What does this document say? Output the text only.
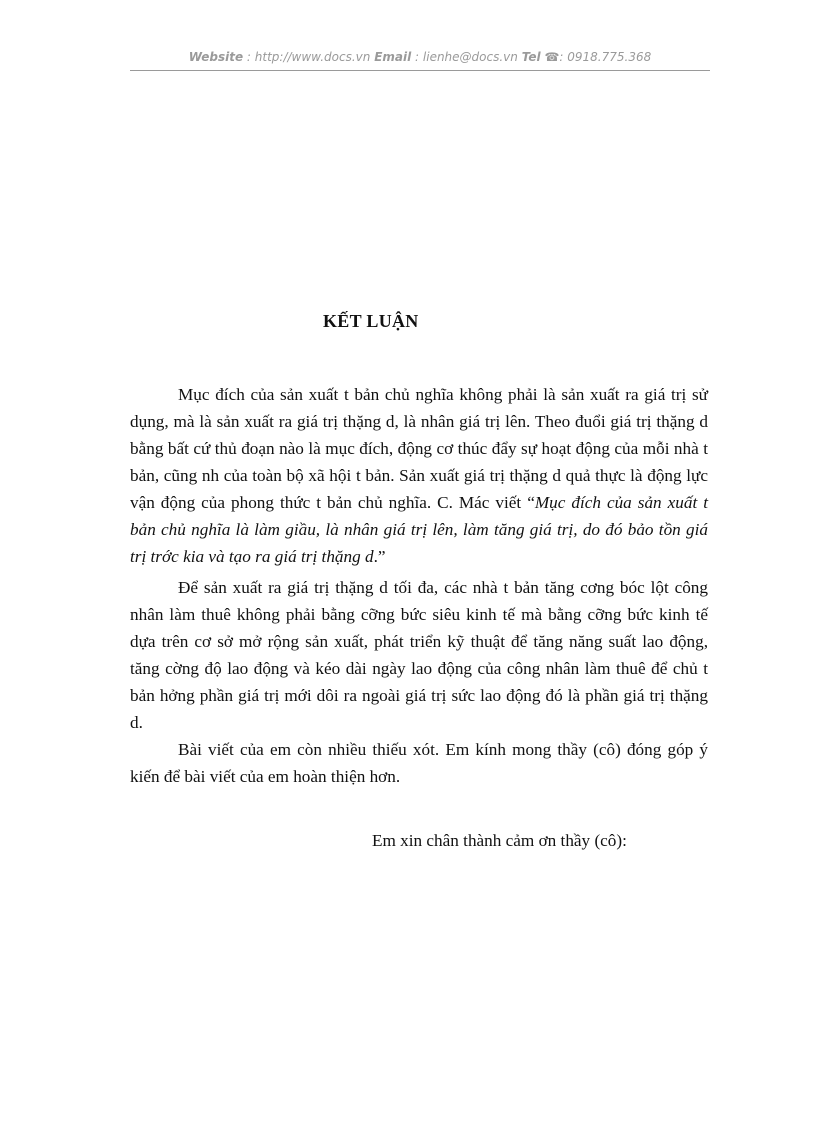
Website : http://www.docs.vn Email : lienhe@docs.vn Tel ☎: 0918.775.368
KẾT LUẬN

Mục đích của sản xuất t bản chủ nghĩa không phải là sản xuất ra giá trị sử dụng, mà là sản xuất ra giá trị thặng d, là nhân giá trị lên. Theo đuổi giá trị thặng d bằng bất cứ thủ đoạn nào là mục đích, động cơ thúc đẩy sự hoạt động của mỗi nhà t bản, cũng nh của toàn bộ xã hội t bản. Sản xuất giá trị thặng d quả thực là động lực vận động của phong thức t bản chủ nghĩa. C. Mác viết “Mục đích của sản xuất t bản chủ nghĩa là làm giầu, là nhân giá trị lên, làm tăng giá trị, do đó bảo tồn giá trị trớc kia và tạo ra giá trị thặng d.”

Để sản xuất ra giá trị thặng d tối đa, các nhà t bản tăng cơng bóc lột công nhân làm thuê không phải bằng cỡng bức siêu kinh tế mà bằng cỡng bức kinh tế dựa trên cơ sở mở rộng sản xuất, phát triển kỹ thuật để tăng năng suất lao động, tăng cờng độ lao động và kéo dài ngày lao động của công nhân làm thuê để chủ t bản hởng phần giá trị mới dôi ra ngoài giá trị sức lao động đó là phần giá trị thặng d.

Bài viết của em còn nhiều thiếu xót. Em kính mong thầy (cô) đóng góp ý kiến để bài viết của em hoàn thiện hơn.

Em xin chân thành cảm ơn thầy (cô):
